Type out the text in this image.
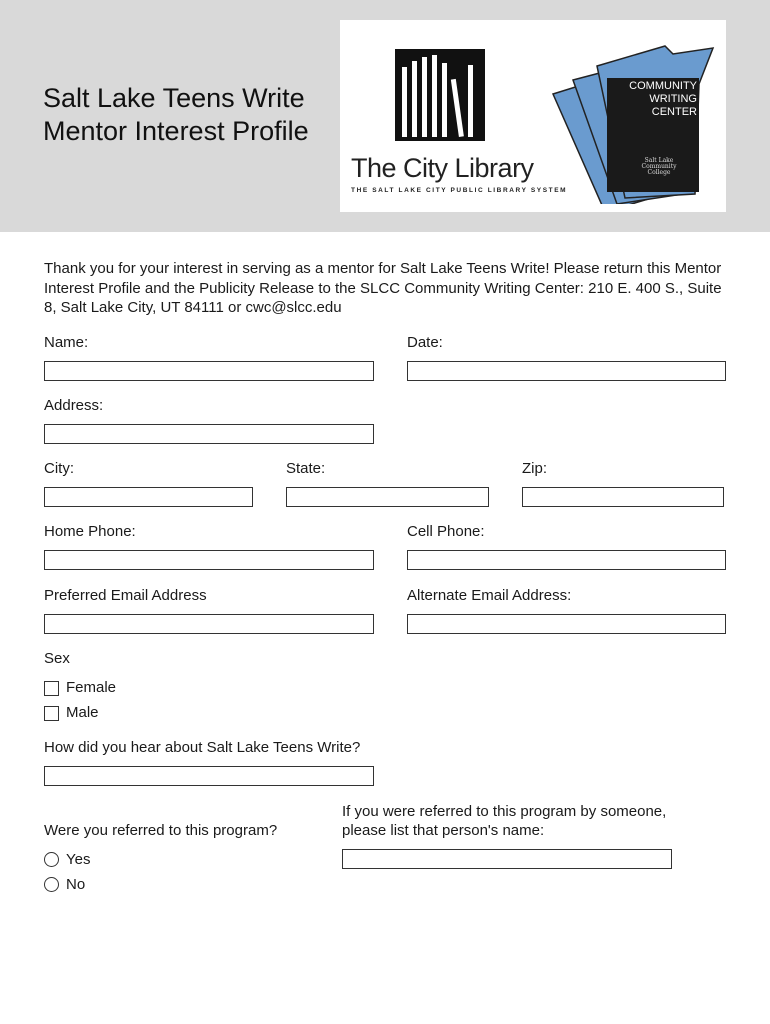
Salt Lake Teens Write
Mentor Interest Profile
The City Library
THE SALT LAKE CITY PUBLIC LIBRARY SYSTEM
COMMUNITY
WRITING
CENTER
Salt Lake Community College
Thank you for your interest in serving as a mentor for Salt Lake Teens Write! Please return this Mentor Interest Profile and the Publicity Release to the SLCC Community Writing Center: 210 E. 400 S., Suite 8, Salt Lake City, UT 84111 or cwc@slcc.edu
Name:	Date:
Address:
City:	State:	Zip:
Home Phone:	Cell Phone:
Preferred Email Address	Alternate Email Address:
Sex
Female
Male
How did you hear about Salt Lake Teens Write?
If you were referred to this program by someone,
please list that person's name:
Were you referred to this program?
Yes
No
